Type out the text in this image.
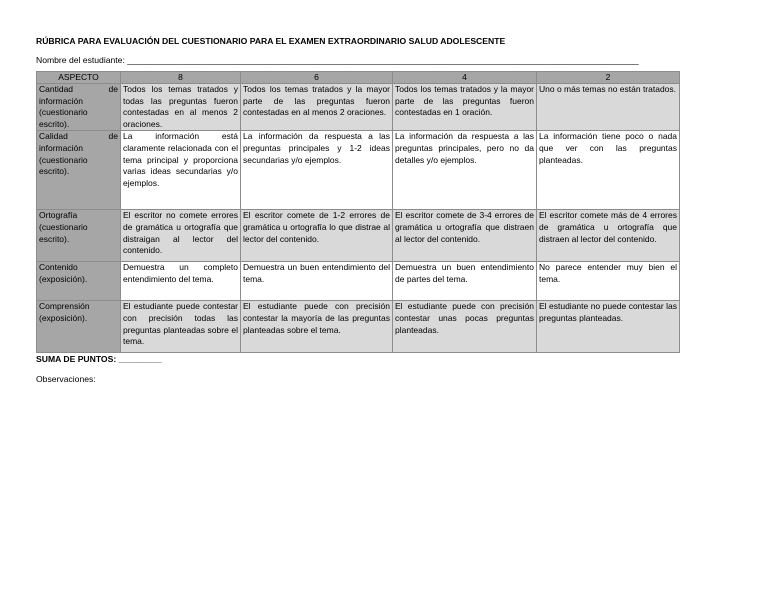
RÚBRICA PARA EVALUACIÓN DEL CUESTIONARIO PARA EL EXAMEN EXTRAORDINARIO SALUD ADOLESCENTE

Nombre del estudiante: ___________________________________________________________________________________________________________
ASPECTO	8	6	4	2
Cantidad de información (cuestionario escrito).	Todos los temas tratados y todas las preguntas fueron contestadas en al menos 2 oraciones.	Todos los temas tratados y la mayor parte de las preguntas fueron contestadas en al menos 2 oraciones.	Todos los temas tratados y la mayor parte de las preguntas fueron contestadas en 1 oración.	Uno o más temas no están tratados.
Calidad de información (cuestionario escrito).	La información está claramente relacionada con el tema principal y proporciona varias ideas secundarias y/o ejemplos.	La información da respuesta a las preguntas principales y 1-2 ideas secundarias y/o ejemplos.	La información da respuesta a las preguntas principales, pero no da detalles y/o ejemplos.	La información tiene poco o nada que ver con las preguntas planteadas.
Ortografía (cuestionario escrito).	El escritor no comete errores de gramática u ortografía que distraigan al lector del contenido.	El escritor comete de 1-2 errores de gramática u ortografía lo que distrae al lector del contenido.	El escritor comete de 3-4 errores de gramática u ortografía que distraen al lector del contenido.	El escritor comete más de 4 errores de gramática u ortografía que distraen al lector del contenido.
Contenido (exposición).	Demuestra un completo entendimiento del tema.	Demuestra un buen entendimiento del tema.	Demuestra un buen entendimiento de partes del tema.	No parece entender muy bien el tema.
Comprensión (exposición).	El estudiante puede contestar con precisión todas las preguntas planteadas sobre el tema.	El estudiante puede con precisión contestar la mayoría de las preguntas planteadas sobre el tema.	El estudiante puede con precisión contestar unas pocas preguntas planteadas.	El estudiante no puede contestar las preguntas planteadas.
SUMA DE PUNTOS: _________
Observaciones:
